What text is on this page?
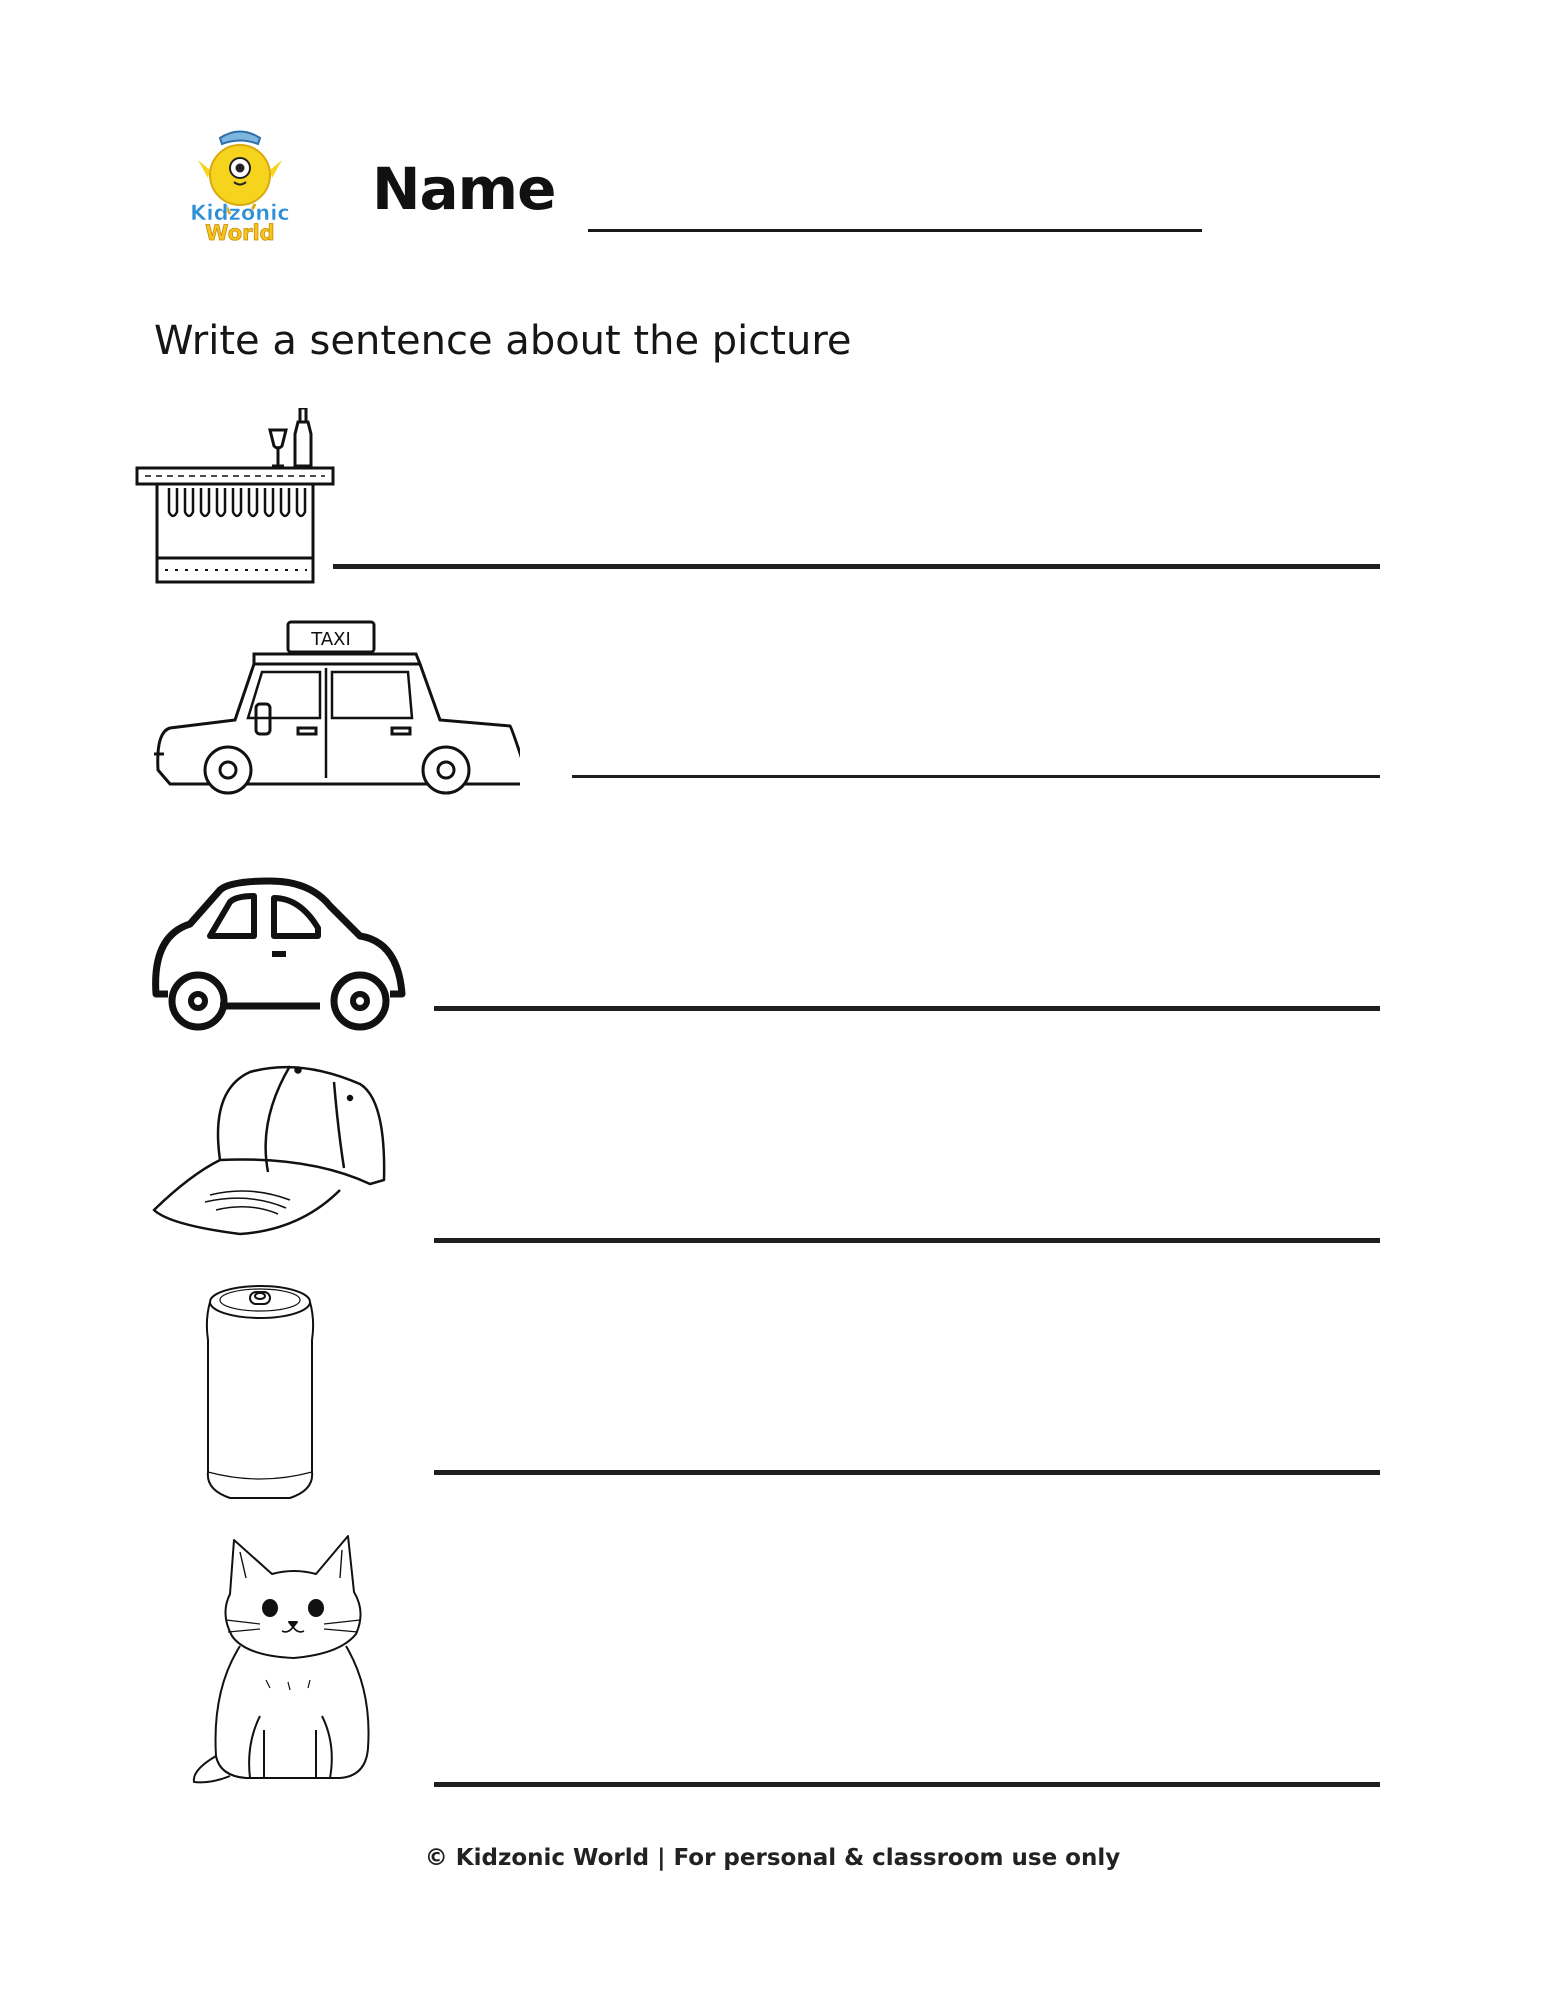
Kidzonic
World
Name
Write a sentence about the picture
TAXI
© Kidzonic World | For personal & classroom use only
